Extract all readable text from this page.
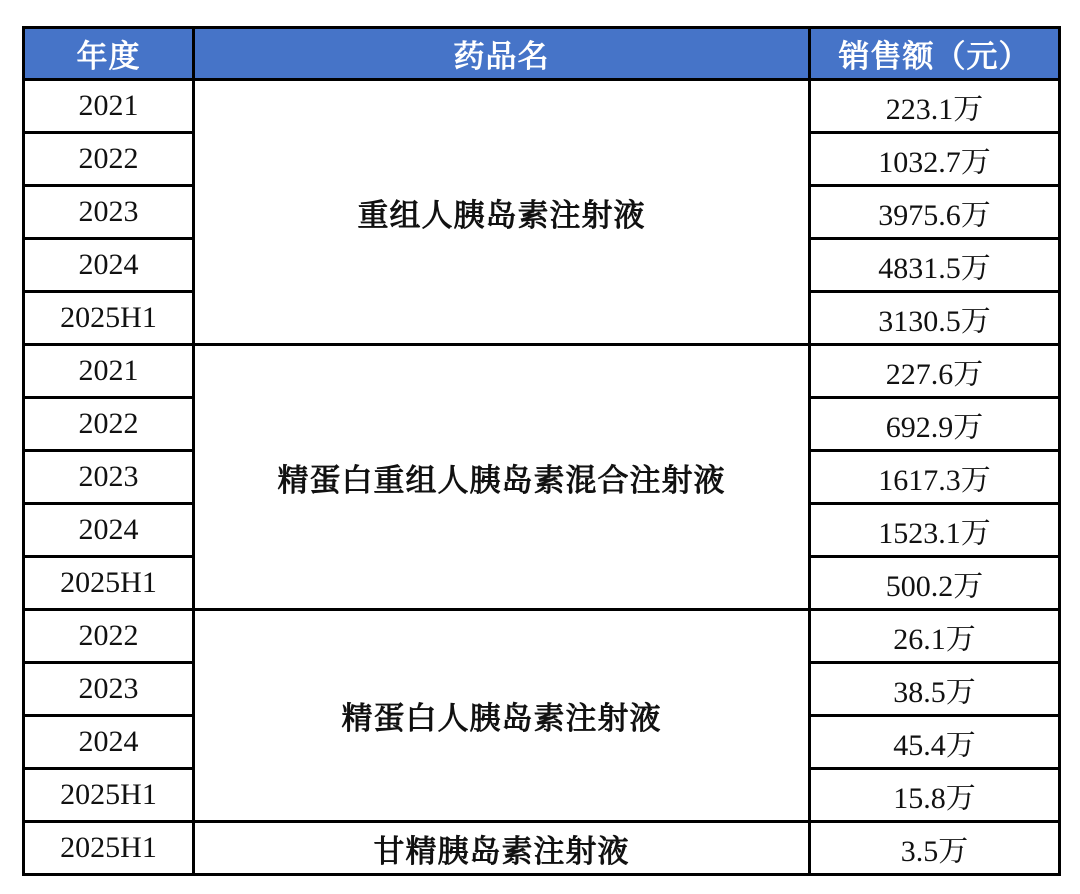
年度	药品名	销售额（元）
2021	重组人胰岛素注射液	223.1万
2022		1032.7万
2023		3975.6万
2024		4831.5万
2025H1		3130.5万
2021	精蛋白重组人胰岛素混合注射液	227.6万
2022		692.9万
2023		1617.3万
2024		1523.1万
2025H1		500.2万
2022	精蛋白人胰岛素注射液	26.1万
2023		38.5万
2024		45.4万
2025H1		15.8万
2025H1	甘精胰岛素注射液	3.5万
